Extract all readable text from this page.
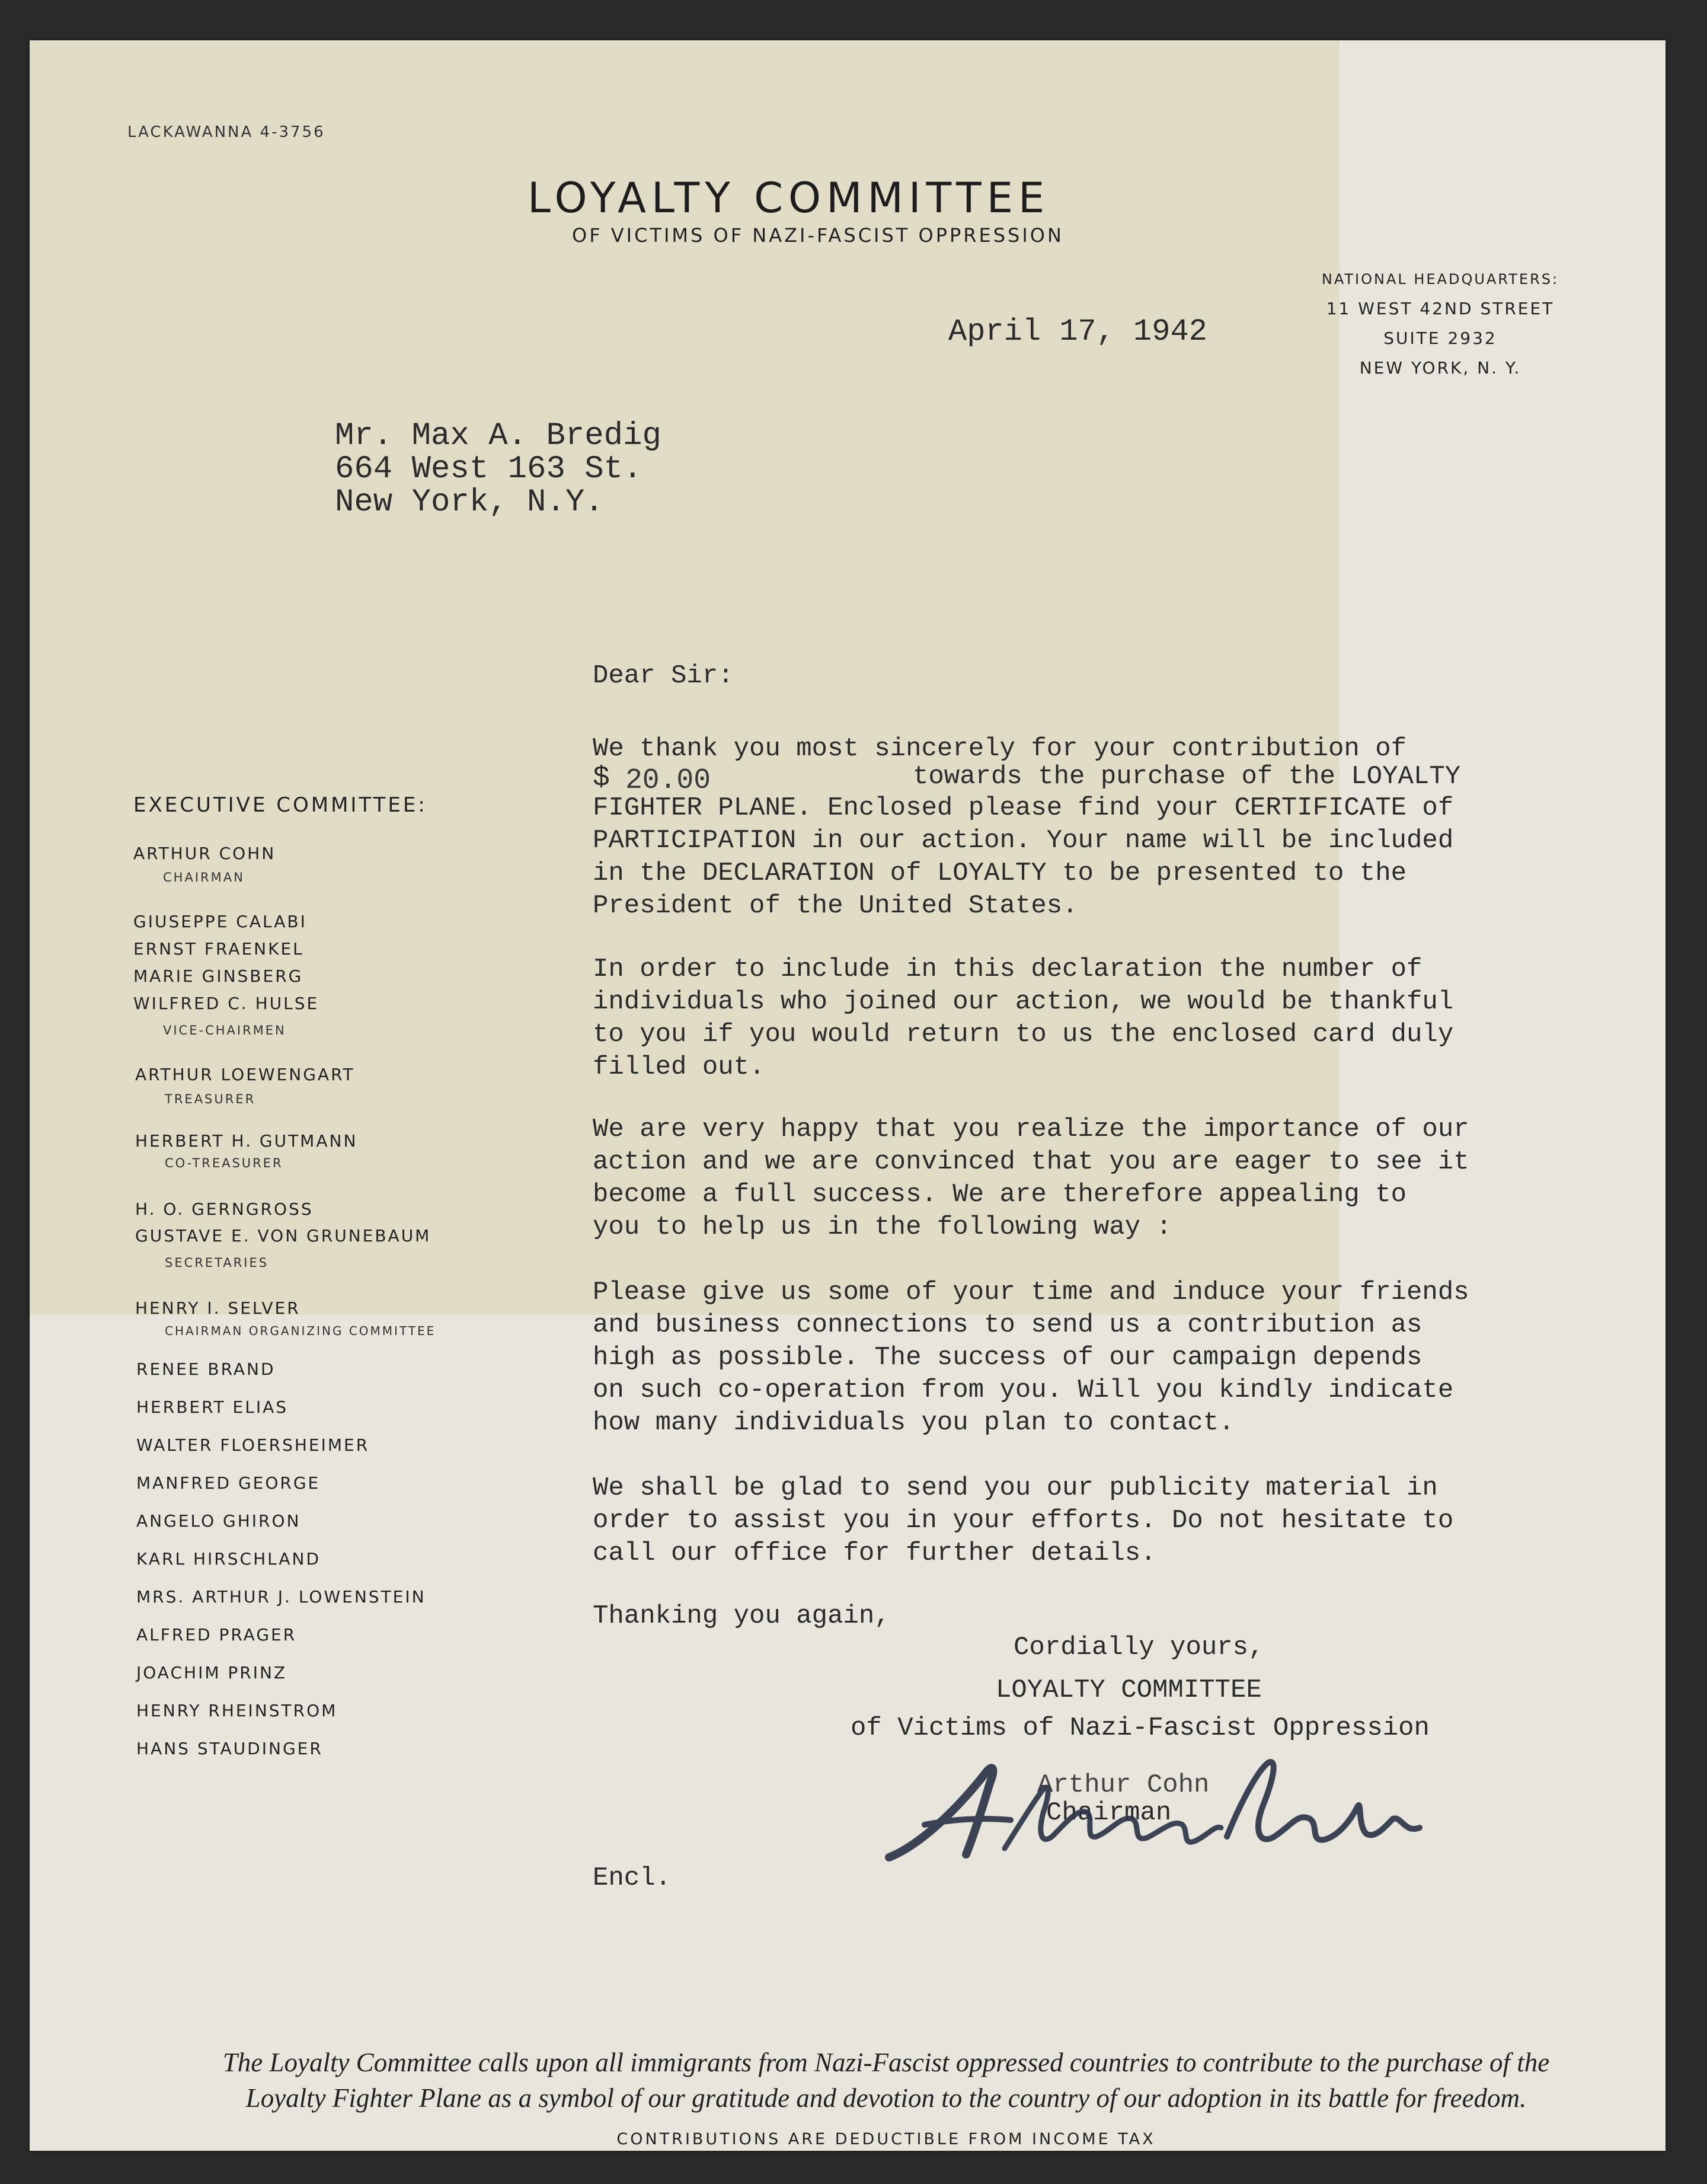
LACKAWANNA 4-3756
LOYALTY COMMITTEE
OF VICTIMS OF NAZI-FASCIST OPPRESSION
NATIONAL HEADQUARTERS:
11 WEST 42ND STREET
SUITE 2932
NEW YORK, N. Y.
April 17, 1942
Mr. Max A. Bredig
664 West 163 St.
New York, N.Y.
Dear Sir:
We thank you most sincerely for your contribution of
$ 20.00	towards the purchase of the LOYALTY
FIGHTER PLANE. Enclosed please find your CERTIFICATE of
PARTICIPATION in our action. Your name will be included
in the DECLARATION of LOYALTY to be presented to the
President of the United States.
In order to include in this declaration the number of
individuals who joined our action, we would be thankful
to you if you would return to us the enclosed card duly
filled out.
We are very happy that you realize the importance of our
action and we are convinced that you are eager to see it
become a full success. We are therefore appealing to
you to help us in the following way :
Please give us some of your time and induce your friends
and business connections to send us a contribution as
high as possible. The success of our campaign depends
on such co-operation from you. Will you kindly indicate
how many individuals you plan to contact.
We shall be glad to send you our publicity material in
order to assist you in your efforts. Do not hesitate to
call our office for further details.
Thanking you again,
Cordially yours,
LOYALTY COMMITTEE
of Victims of Nazi-Fascist Oppression
Arthur Cohn
Chairman
Encl.
EXECUTIVE COMMITTEE:
ARTHUR COHN
CHAIRMAN
GIUSEPPE CALABI
ERNST FRAENKEL
MARIE GINSBERG
WILFRED C. HULSE
VICE-CHAIRMEN
ARTHUR LOEWENGART
TREASURER
HERBERT H. GUTMANN
CO-TREASURER
H. O. GERNGROSS
GUSTAVE E. VON GRUNEBAUM
SECRETARIES
HENRY I. SELVER
CHAIRMAN ORGANIZING COMMITTEE
RENEE BRAND
HERBERT ELIAS
WALTER FLOERSHEIMER
MANFRED GEORGE
ANGELO GHIRON
KARL HIRSCHLAND
MRS. ARTHUR J. LOWENSTEIN
ALFRED PRAGER
JOACHIM PRINZ
HENRY RHEINSTROM
HANS STAUDINGER
The Loyalty Committee calls upon all immigrants from Nazi-Fascist oppressed countries to contribute to the purchase of the
Loyalty Fighter Plane as a symbol of our gratitude and devotion to the country of our adoption in its battle for freedom.
CONTRIBUTIONS ARE DEDUCTIBLE FROM INCOME TAX
